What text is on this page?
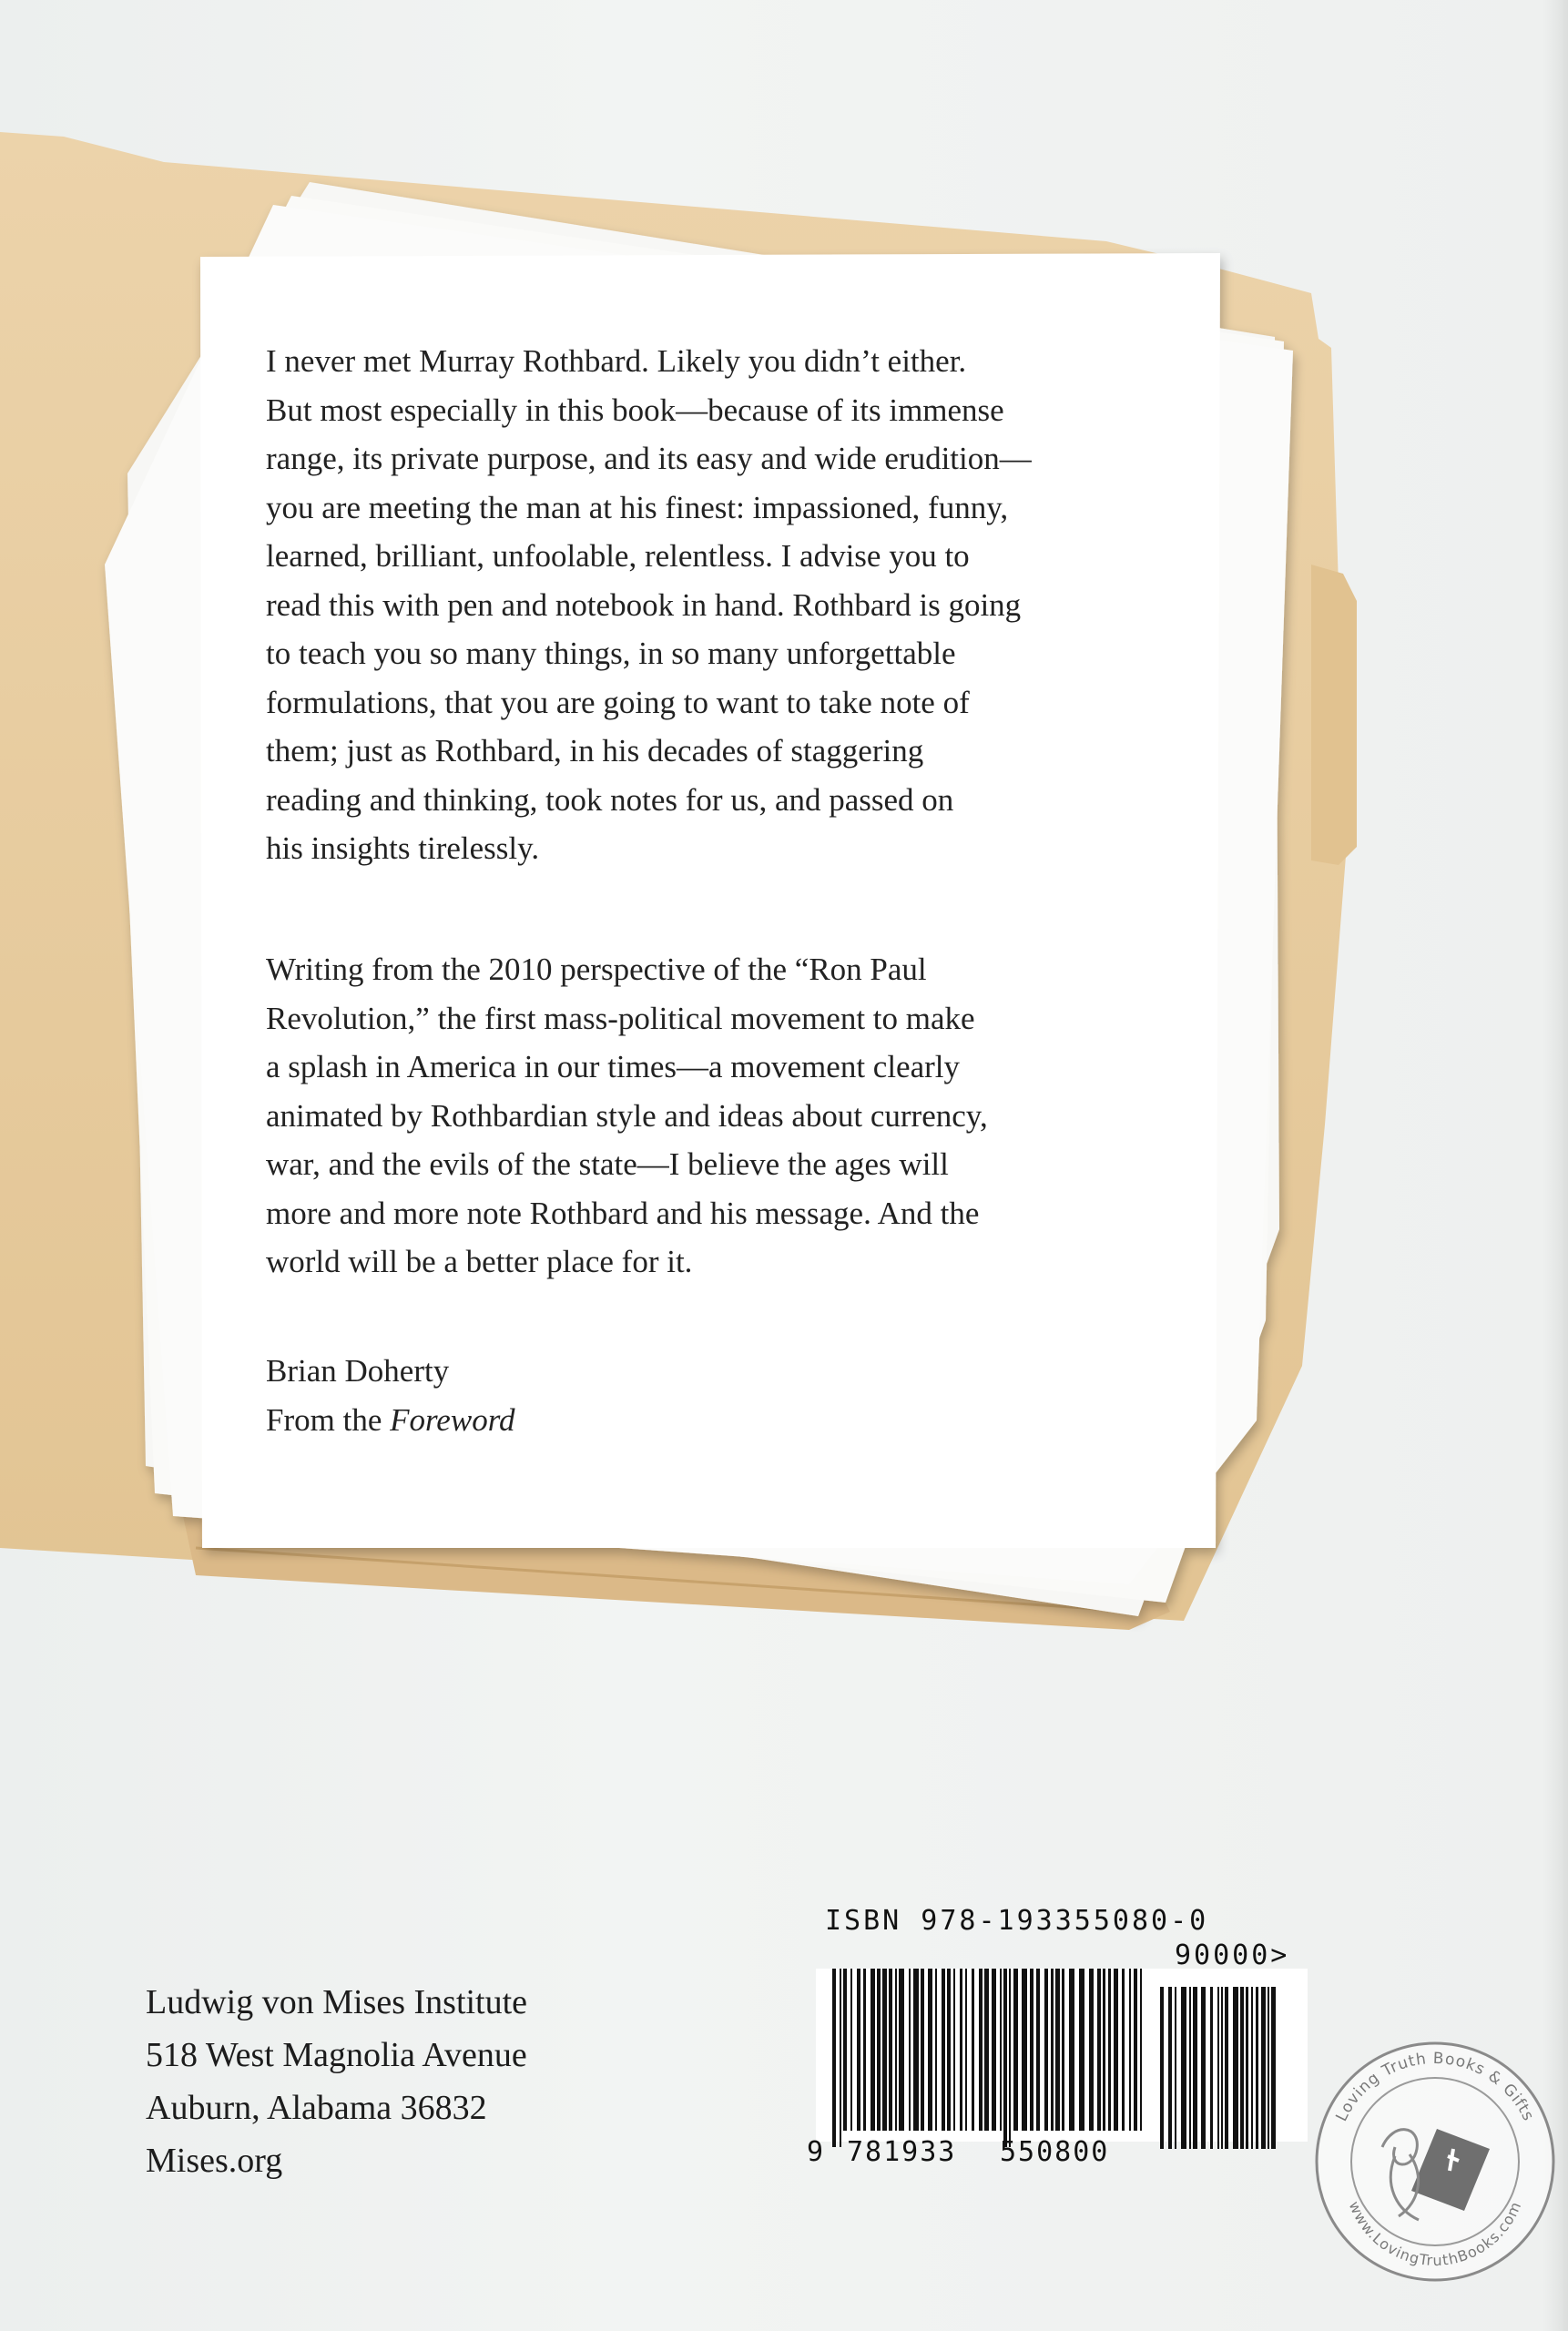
I never met Murray Rothbard. Likely you didn’t either.
But most especially in this book—because of its immense
range, its private purpose, and its easy and wide erudition—
you are meeting the man at his finest: impassioned, funny,
learned, brilliant, unfoolable, relentless. I advise you to
read this with pen and notebook in hand. Rothbard is going
to teach you so many things, in so many unforgettable
formulations, that you are going to want to take note of
them; just as Rothbard, in his decades of staggering
reading and thinking, took notes for us, and passed on
his insights tirelessly.

Writing from the 2010 perspective of the “Ron Paul
Revolution,” the first mass-political movement to make
a splash in America in our times—a movement clearly
animated by Rothbardian style and ideas about currency,
war, and the evils of the state—I believe the ages will
more and more note Rothbard and his message. And the
world will be a better place for it.

Brian Doherty
From the Foreword
Ludwig von Mises Institute
518 West Magnolia Avenue
Auburn, Alabama 36832
Mises.org
ISBN 978-193355080-0
90000>
9 781933 550800
Loving Truth Books & Gifts
www.LovingTruthBooks.com
